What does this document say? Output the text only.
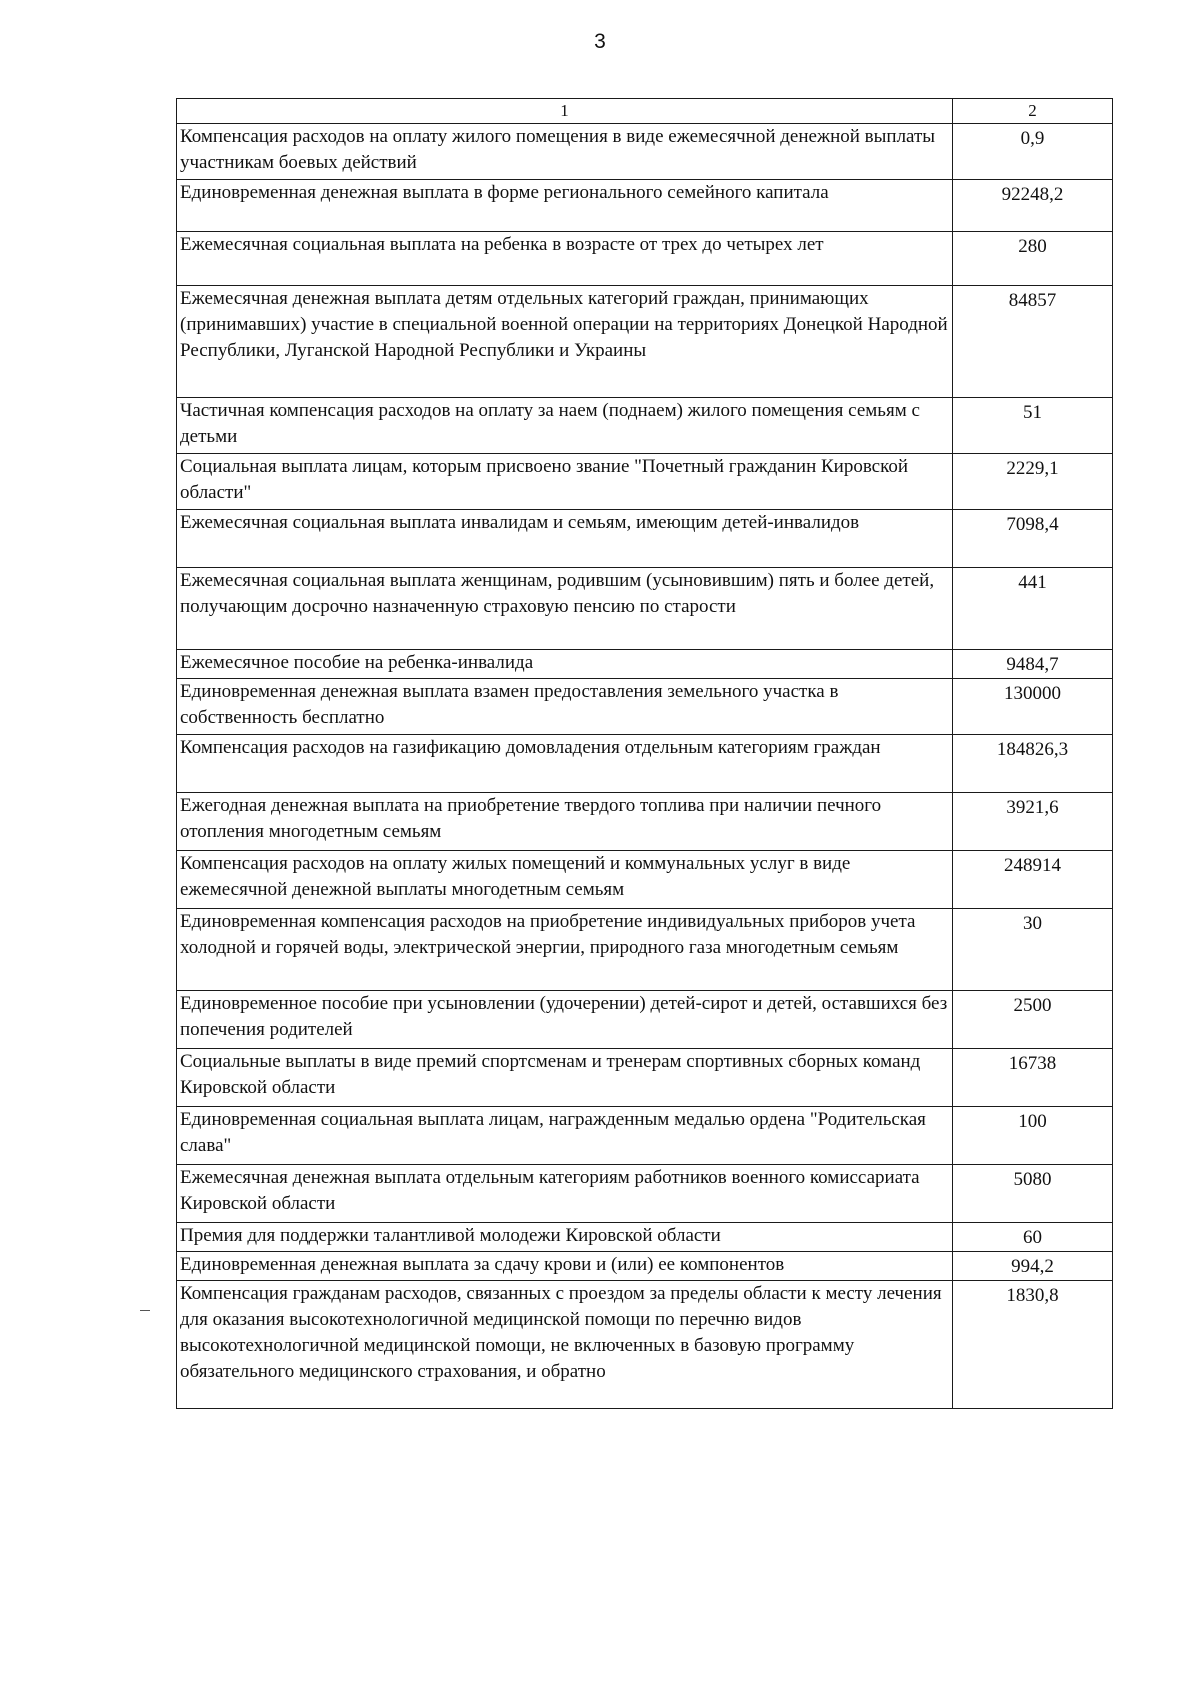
3
1	2
Компенсация расходов на оплату жилого помещения в виде ежемесячной денежной выплаты участникам боевых действий	0,9
Единовременная денежная выплата в форме регионального семейного капитала	92248,2
Ежемесячная социальная выплата на ребенка в возрасте от трех до четырех лет	280
Ежемесячная денежная выплата детям отдельных категорий граждан, принимающих (принимавших) участие в специальной военной операции на территориях Донецкой Народной Республики, Луганской Народной Республики и Украины	84857
Частичная компенсация расходов на оплату за наем (поднаем) жилого помещения семьям с детьми	51
Социальная выплата лицам, которым присвоено звание "Почетный гражданин Кировской области"	2229,1
Ежемесячная социальная выплата инвалидам и семьям, имеющим детей-инвалидов	7098,4
Ежемесячная социальная выплата женщинам, родившим (усыновившим) пять и более детей, получающим досрочно назначенную страховую пенсию по старости	441
Ежемесячное пособие на ребенка-инвалида	9484,7
Единовременная денежная выплата взамен предоставления земельного участка в собственность бесплатно	130000
Компенсация расходов на газификацию домовладения отдельным категориям граждан	184826,3
Ежегодная денежная выплата на приобретение твердого топлива при наличии печного отопления многодетным семьям	3921,6
Компенсация расходов на оплату жилых помещений и коммунальных услуг в виде ежемесячной денежной выплаты многодетным семьям	248914
Единовременная компенсация расходов на приобретение индивидуальных приборов учета холодной и горячей воды, электрической энергии, природного газа многодетным семьям	30
Единовременное пособие при усыновлении (удочерении) детей-сирот и детей, оставшихся без попечения родителей	2500
Социальные выплаты в виде премий спортсменам и тренерам спортивных сборных команд Кировской области	16738
Единовременная социальная выплата лицам, награжденным медалью ордена "Родительская слава"	100
Ежемесячная денежная выплата отдельным категориям работников военного комиссариата Кировской области	5080
Премия для поддержки талантливой молодежи Кировской области	60
Единовременная денежная выплата за сдачу крови и (или) ее компонентов	994,2
Компенсация гражданам расходов, связанных с проездом за пределы области к месту лечения для оказания высокотехнологичной медицинской помощи по перечню видов высокотехнологичной медицинской помощи, не включенных в базовую программу обязательного медицинского страхования, и обратно	1830,8
